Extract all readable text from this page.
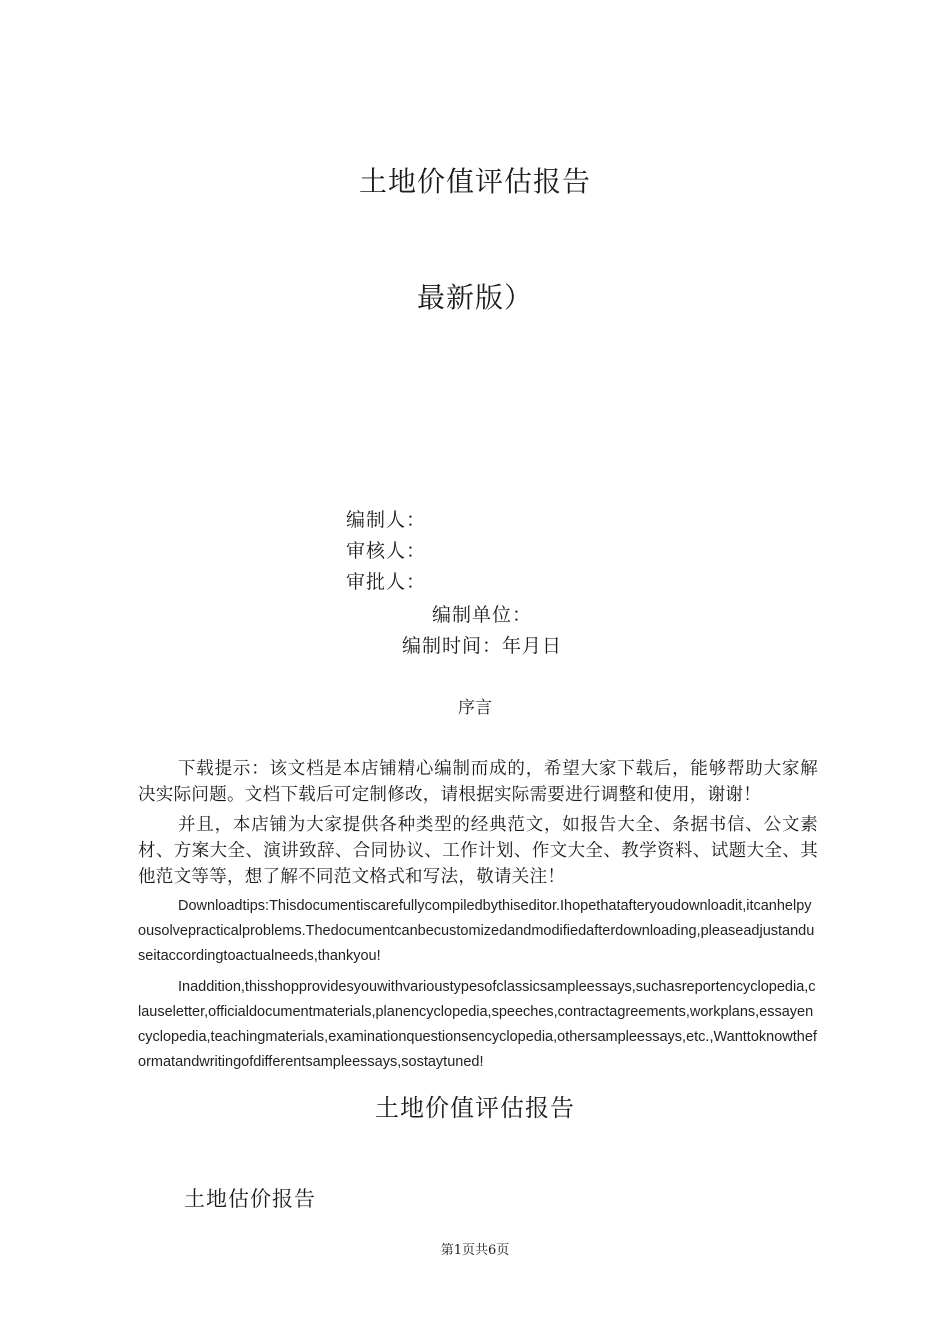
土地价值评估报告
最新版）
编制人：
审核人：
审批人：
编制单位：
编制时间：年月日
序言

下载提示：该文档是本店铺精心编制而成的，希望大家下载后，能够帮助大家解决实际问题。文档下载后可定制修改，请根据实际需要进行调整和使用，谢谢！

并且，本店铺为大家提供各种类型的经典范文，如报告大全、条据书信、公文素材、方案大全、演讲致辞、合同协议、工作计划、作文大全、教学资料、试题大全、其他范文等等，想了解不同范文格式和写法，敬请关注！

Downloadtips:Thisdocumentiscarefullycompiledbythiseditor.Ihopethatafteryoudownloadit,itcanhelpyousolvepracticalproblems.Thedocumentcanbecustomizedandmodifiedafterdownloading,pleaseadjustanduseitaccordingtoactualneeds,thankyou!

Inaddition,thisshopprovidesyouwithvarioustypesofclassicsampleessays,suchasreportencyclopedia,clauseletter,officialdocumentmaterials,planencyclopedia,speeches,contractagreements,workplans,essayencyclopedia,teachingmaterials,examinationquestionsencyclopedia,othersampleessays,etc.,Wanttoknowtheformatandwritingofdifferentsampleessays,sostaytuned!

土地价值评估报告
土地估价报告
第1页共6页
